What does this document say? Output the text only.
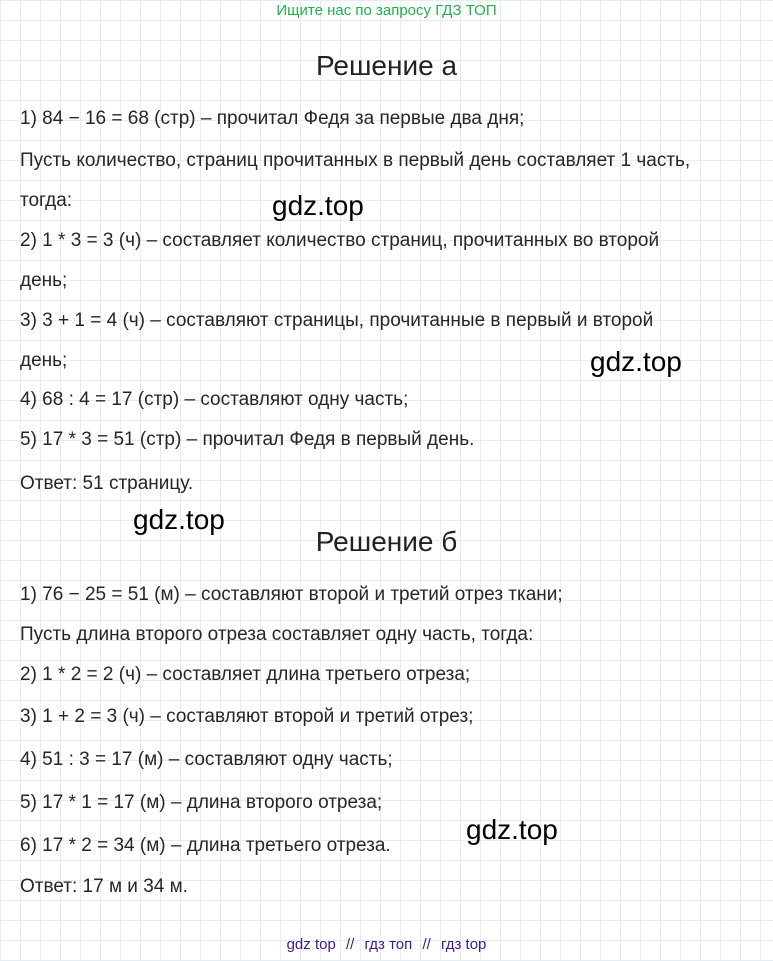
Ищите нас по запросу ГДЗ ТОП
Решение а
1) 84 − 16 = 68 (стр) – прочитал Федя за первые два дня;
Пусть количество, страниц прочитанных в первый день составляет 1 часть,
тогда:
2) 1 * 3 = 3 (ч) – составляет количество страниц, прочитанных во второй
день;
3) 3 + 1 = 4 (ч) – составляют страницы, прочитанные в первый и второй
день;
4) 68 : 4 = 17 (стр) – составляют одну часть;
5) 17 * 3 = 51 (стр) – прочитал Федя в первый день.
Ответ: 51 страницу.
gdz.top
gdz.top
gdz.top
Решение б
1) 76 − 25 = 51 (м) – составляют второй и третий отрез ткани;
Пусть длина второго отреза составляет одну часть, тогда:
2) 1 * 2 = 2 (ч) – составляет длина третьего отреза;
3) 1 + 2 = 3 (ч) – составляют второй и третий отрез;
4) 51 : 3 = 17 (м) – составляют одну часть;
5) 17 * 1 = 17 (м) – длина второго отреза;
6) 17 * 2 = 34 (м) – длина третьего отреза.
Ответ: 17 м и 34 м.
gdz.top
gdz top // гдз топ // гдз top
